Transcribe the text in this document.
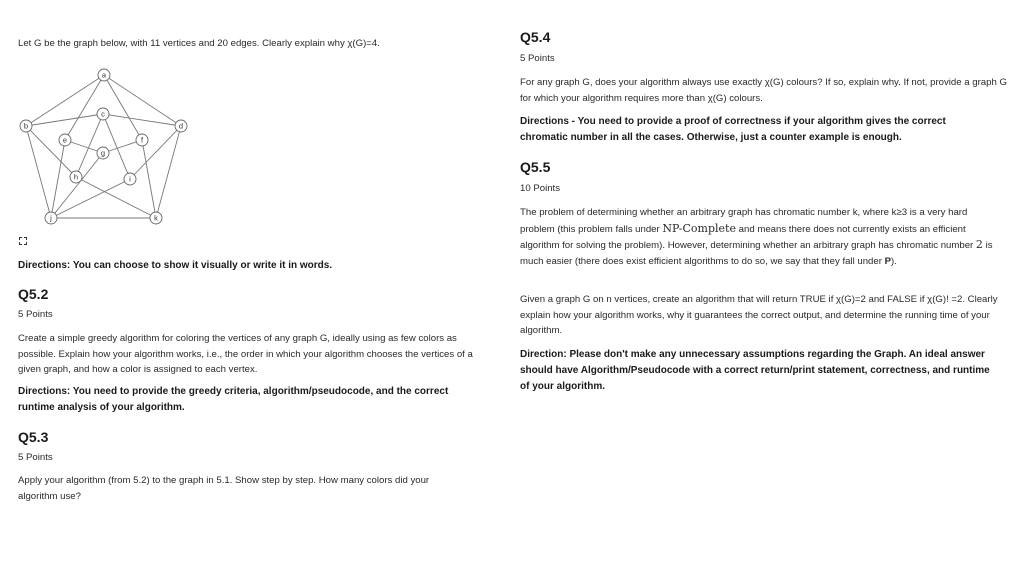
Let G be the graph below, with 11 vertices and 20 edges. Clearly explain why χ(G)=4.
a
b
c
d
e	f
g
h	i
j	k
Directions: You can choose to show it visually or write it in words.
Q5.2
5 Points
Create a simple greedy algorithm for coloring the vertices of any graph G, ideally using as few colors as possible. Explain how your algorithm works, i.e., the order in which your algorithm chooses the vertices of a given graph, and how a color is assigned to each vertex.
Directions: You need to provide the greedy criteria, algorithm/pseudocode, and the correct runtime analysis of your algorithm.
Q5.3
5 Points
Apply your algorithm (from 5.2) to the graph in 5.1. Show step by step. How many colors did your algorithm use?
Q5.4
5 Points
For any graph G, does your algorithm always use exactly χ(G) colours? If so, explain why. If not, provide a graph G for which your algorithm requires more than χ(G) colours.
Directions - You need to provide a proof of correctness if your algorithm gives the correct chromatic number in all the cases. Otherwise, just a counter example is enough.
Q5.5
10 Points
The problem of determining whether an arbitrary graph has chromatic number k, where k≥3 is a very hard problem (this problem falls under NP-Complete and means there does not currently exists an efficient algorithm for solving the problem). However, determining whether an arbitrary graph has chromatic number 2 is much easier (there does exist efficient algorithms to do so, we say that they fall under P).
Given a graph G on n vertices, create an algorithm that will return TRUE if χ(G)=2 and FALSE if χ(G)! =2. Clearly explain how your algorithm works, why it guarantees the correct output, and determine the running time of your algorithm.
Direction: Please don't make any unnecessary assumptions regarding the Graph. An ideal answer should have Algorithm/Pseudocode with a correct return/print statement, correctness, and runtime of your algorithm.
